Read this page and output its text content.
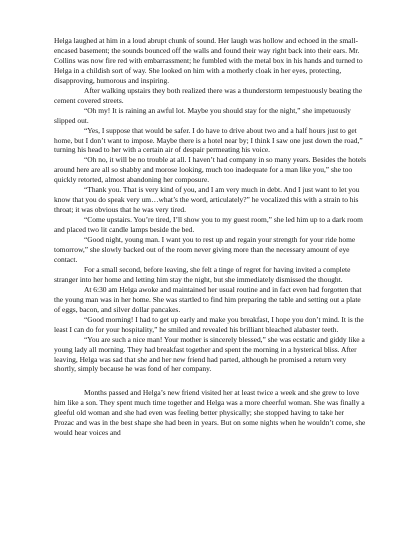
Helga laughed at him in a loud abrupt chunk of sound. Her laugh was hollow and echoed in the small-encased basement; the sounds bounced off the walls and found their way right back into their ears. Mr. Collins was now fire red with embarrassment; he fumbled with the metal box in his hands and turned to Helga in a childish sort of way. She looked on him with a motherly cloak in her eyes, protecting, disapproving, humorous and inspiring.

After walking upstairs they both realized there was a thunderstorm tempestuously beating the cement covered streets.

“Oh my! It is raining an awful lot. Maybe you should stay for the night,” she impetuously slipped out.

“Yes, I suppose that would be safer. I do have to drive about two and a half hours just to get home, but I don’t want to impose. Maybe there is a hotel near by; I think I saw one just down the road,” turning his head to her with a certain air of despair permeating his voice.

“Oh no, it will be no trouble at all. I haven’t had company in so many years. Besides the hotels around here are all so shabby and morose looking, much too inadequate for a man like you,” she too quickly retorted, almost abandoning her composure.

“Thank you. That is very kind of you, and I am very much in debt. And I just want to let you know that you do speak very um…what’s the word, articulately?” he vocalized this with a strain to his throat; it was obvious that he was very tired.

“Come upstairs. You’re tired, I’ll show you to my guest room,” she led him up to a dark room and placed two lit candle lamps beside the bed.

“Good night, young man. I want you to rest up and regain your strength for your ride home tomorrow,” she slowly backed out of the room never giving more than the necessary amount of eye contact.

For a small second, before leaving, she felt a tinge of regret for having invited a complete stranger into her home and letting him stay the night, but she immediately dismissed the thought.

At 6:30 am Helga awoke and maintained her usual routine and in fact even had forgotten that the young man was in her home. She was startled to find him preparing the table and setting out a plate of eggs, bacon, and silver dollar pancakes.

“Good morning! I had to get up early and make you breakfast, I hope you don’t mind. It is the least I can do for your hospitality,” he smiled and revealed his brilliant bleached alabaster teeth.

“You are such a nice man! Your mother is sincerely blessed,” she was ecstatic and giddy like a young lady all morning. They had breakfast together and spent the morning in a hysterical bliss. After leaving, Helga was sad that she and her new friend had parted, although he promised a return very shortly, simply because he was fond of her company.

Months passed and Helga’s new friend visited her at least twice a week and she grew to love him like a son. They spent much time together and Helga was a more cheerful woman. She was finally a gleeful old woman and she had even was feeling better physically; she stopped having to take her Prozac and was in the best shape she had been in years. But on some nights when he wouldn’t come, she would hear voices and
